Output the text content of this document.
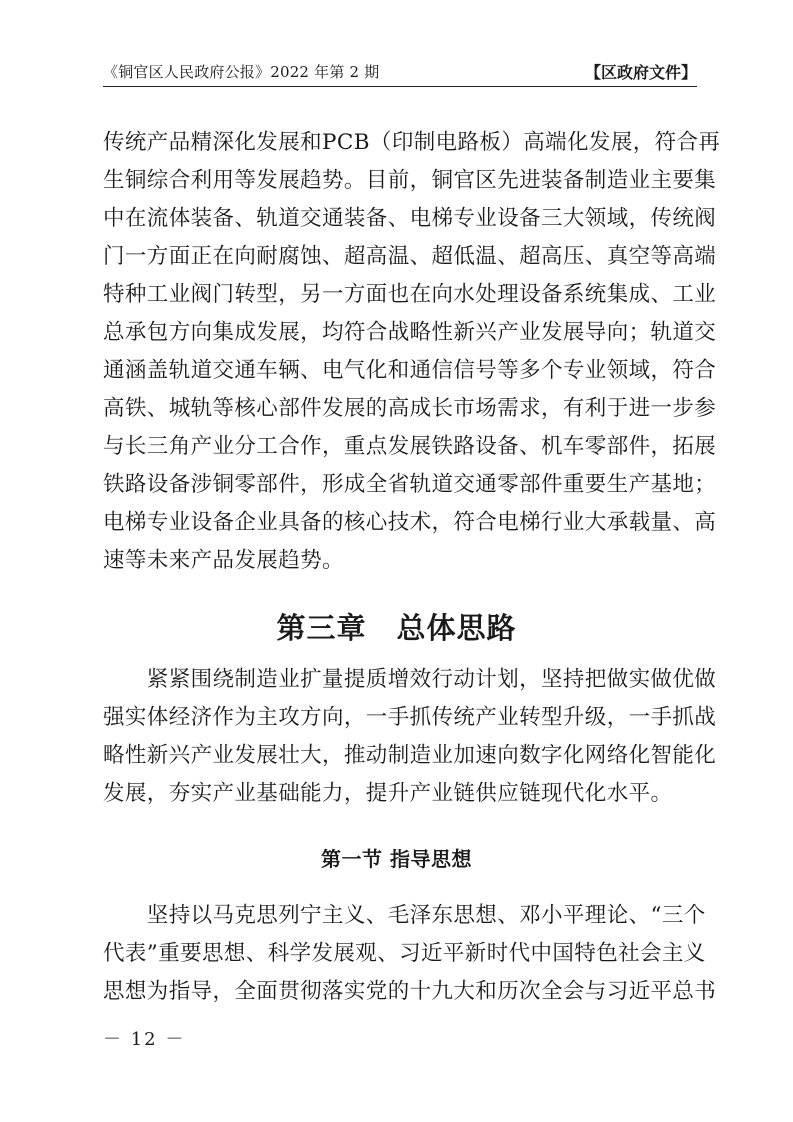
《铜官区人民政府公报》2022 年第 2 期	【区政府文件】
传统产品精深化发展和PCB（印制电路板）高端化发展，符合再
生铜综合利用等发展趋势。目前，铜官区先进装备制造业主要集
中在流体装备、轨道交通装备、电梯专业设备三大领域，传统阀
门一方面正在向耐腐蚀、超高温、超低温、超高压、真空等高端
特种工业阀门转型，另一方面也在向水处理设备系统集成、工业
总承包方向集成发展，均符合战略性新兴产业发展导向；轨道交
通涵盖轨道交通车辆、电气化和通信信号等多个专业领域，符合
高铁、城轨等核心部件发展的高成长市场需求，有利于进一步参
与长三角产业分工合作，重点发展铁路设备、机车零部件，拓展
铁路设备涉铜零部件，形成全省轨道交通零部件重要生产基地；
电梯专业设备企业具备的核心技术，符合电梯行业大承载量、高
速等未来产品发展趋势。
第三章　总体思路
　　紧紧围绕制造业扩量提质增效行动计划，坚持把做实做优做
强实体经济作为主攻方向，一手抓传统产业转型升级，一手抓战
略性新兴产业发展壮大，推动制造业加速向数字化网络化智能化
发展，夯实产业基础能力，提升产业链供应链现代化水平。
第一节 指导思想
　　坚持以马克思列宁主义、毛泽东思想、邓小平理论、“三个
代表”重要思想、科学发展观、习近平新时代中国特色社会主义
思想为指导，全面贯彻落实党的十九大和历次全会与习近平总书
－ 12 －
